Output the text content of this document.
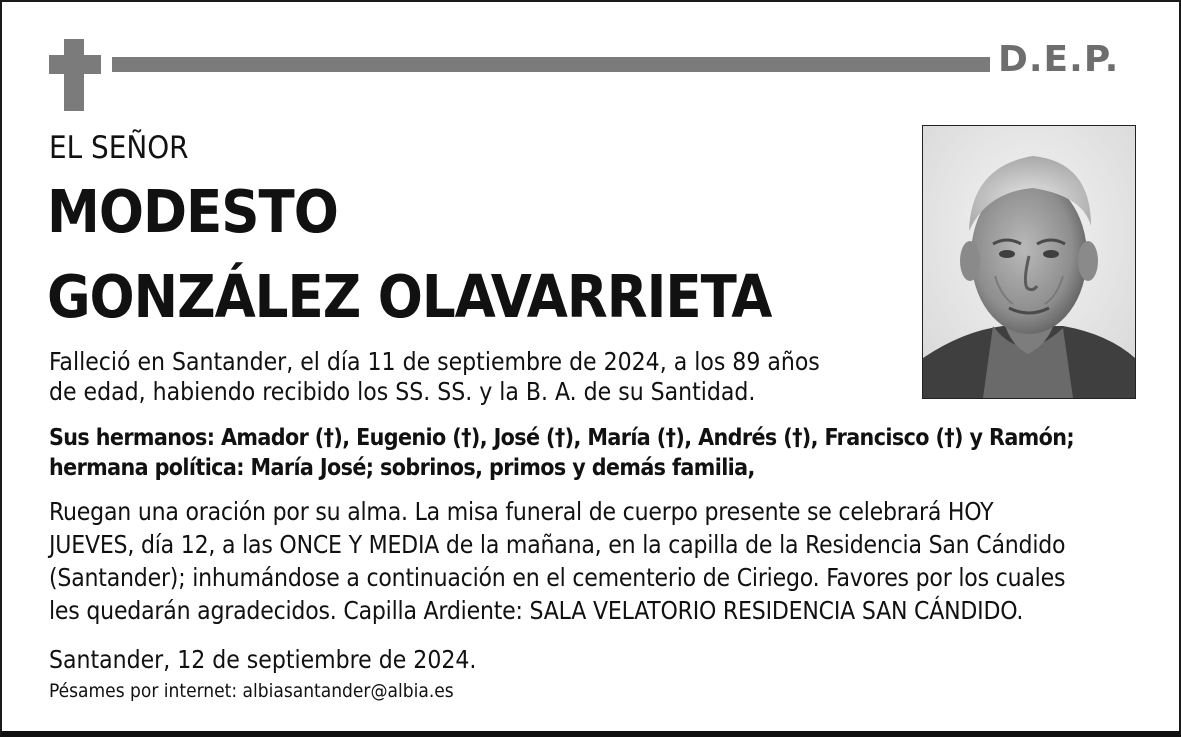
D.E.P.
EL SEÑOR
MODESTO
GONZÁLEZ OLAVARRIETA
Falleció en Santander, el día 11 de septiembre de 2024, a los 89 años
de edad, habiendo recibido los SS. SS. y la B. A. de su Santidad.
Sus hermanos: Amador (†), Eugenio (†), José (†), María (†), Andrés (†), Francisco (†) y Ramón;
hermana política: María José; sobrinos, primos y demás familia,
Ruegan una oración por su alma. La misa funeral de cuerpo presente se celebrará HOY
JUEVES, día 12, a las ONCE Y MEDIA de la mañana, en la capilla de la Residencia San Cándido
(Santander); inhumándose a continuación en el cementerio de Ciriego. Favores por los cuales
les quedarán agradecidos. Capilla Ardiente: SALA VELATORIO RESIDENCIA SAN CÁNDIDO.
Santander, 12 de septiembre de 2024.
Pésames por internet: albiasantander@albia.es
